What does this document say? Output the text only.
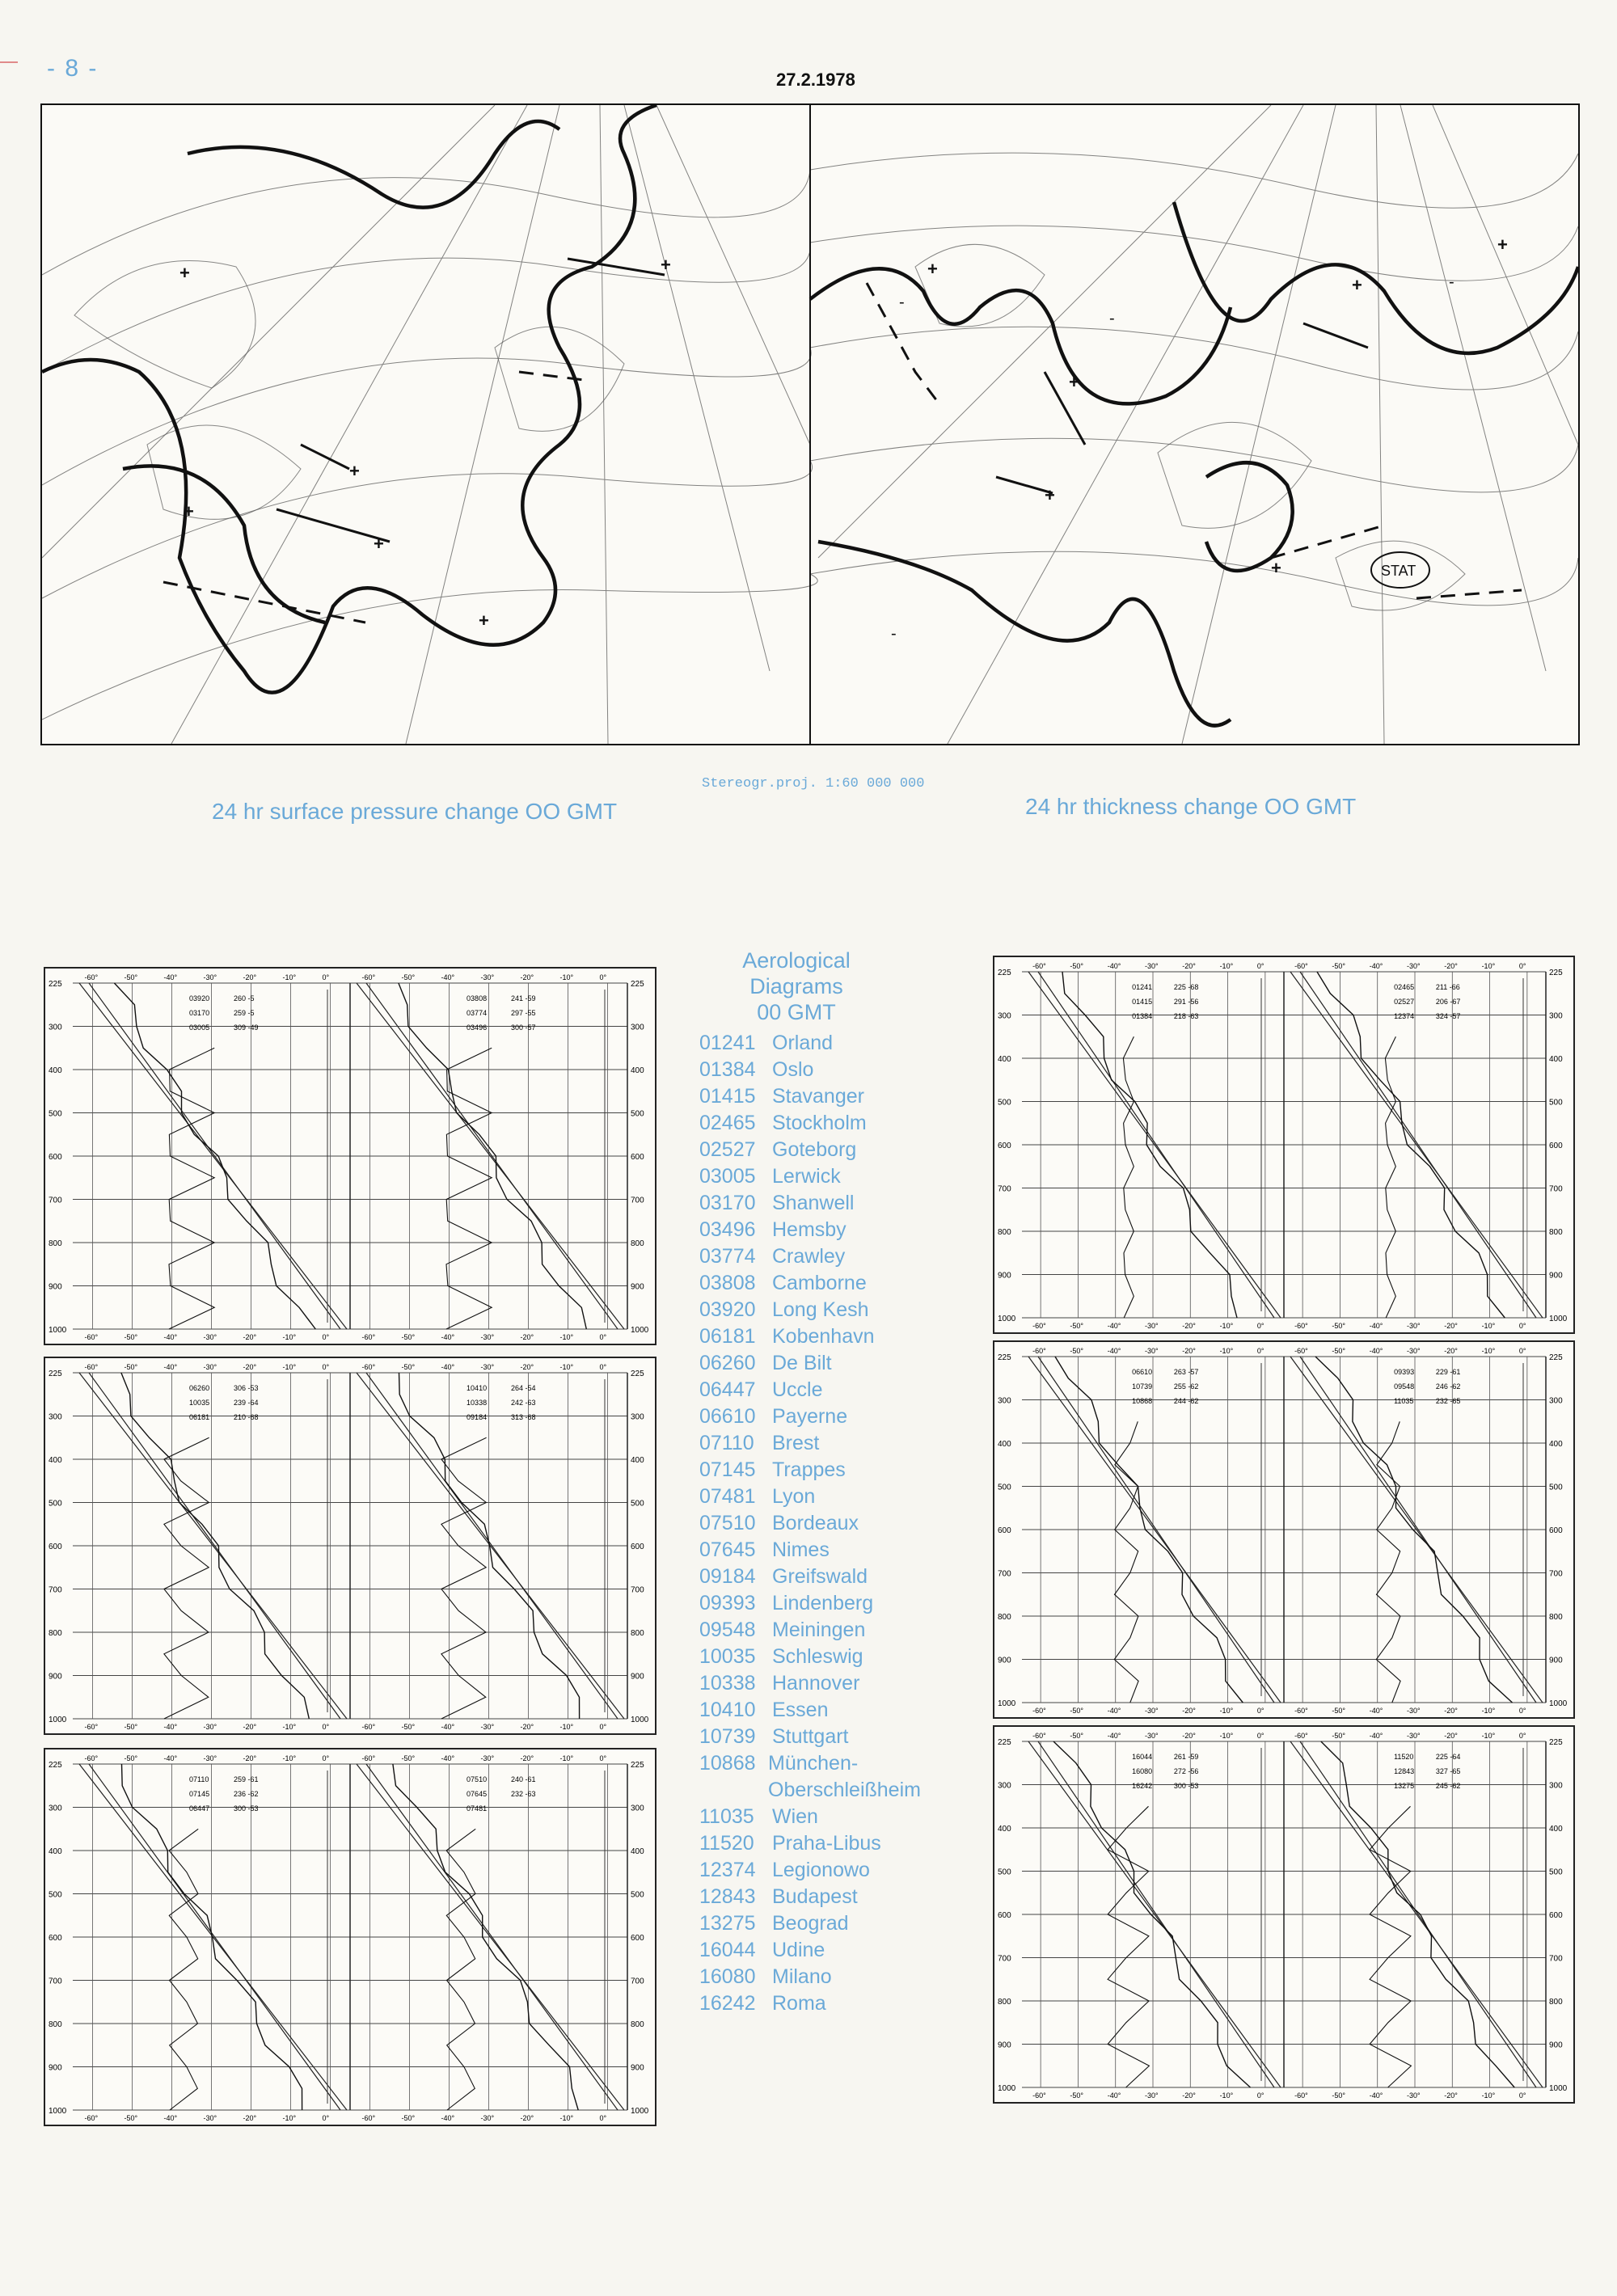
- 8 -	27.2.1978
+
+
+
+
+
+	+
+
+
+
+
+
-
-
-
-
STAT
24 hr surface pressure change OO GMT
Stereogr.proj. 1:60 000 000
24 hr thickness change OO GMT
225	225
300	300
400	400
500	500
600	600
700	700
800	800
900	900
1000	1000
-60°
-60°
-50°
-50°
-40°
-40°
-30°
-30°
-20°
-20°
-10°
-10°
0°
0°
03920	260 -5
03170	259 -5
03005	309 -49
-60°
-60°
-50°
-50°
-40°
-40°
-30°
-30°
-20°
-20°
-10°
-10°
0°
0°
03808	241 -59
03774	297 -55
03496	300 -57
225	225
300	300
400	400
500	500
600	600
700	700
800	800
900	900
1000	1000
-60°
-60°
-50°
-50°
-40°
-40°
-30°
-30°
-20°
-20°
-10°
-10°
0°
0°
06260	306 -53
10035	239 -64
06181	210 -68
-60°
-60°
-50°
-50°
-40°
-40°
-30°
-30°
-20°
-20°
-10°
-10°
0°
0°
10410	264 -54
10338	242 -63
09184	313 -68
225	225
300	300
400	400
500	500
600	600
700	700
800	800
900	900
1000	1000
-60°
-60°
-50°
-50°
-40°
-40°
-30°
-30°
-20°
-20°
-10°
-10°
0°
0°
07110	259 -61
07145	236 -62
06447	300 -53
-60°
-60°
-50°
-50°
-40°
-40°
-30°
-30°
-20°
-20°
-10°
-10°
0°
0°
07510	240 -61
07645	232 -63
07481
225	225
300	300
400	400
500	500
600	600
700	700
800	800
900	900
1000	1000
-60°
-60°
-50°
-50°
-40°
-40°
-30°
-30°
-20°
-20°
-10°
-10°
0°
0°
01241	225 -68
01415	291 -56
01384	218 -63
-60°
-60°
-50°
-50°
-40°
-40°
-30°
-30°
-20°
-20°
-10°
-10°
0°
0°
02465	211 -66
02527	206 -67
12374	324 -57
225	225
300	300
400	400
500	500
600	600
700	700
800	800
900	900
1000	1000
-60°
-60°
-50°
-50°
-40°
-40°
-30°
-30°
-20°
-20°
-10°
-10°
0°
0°
06610	263 -57
10739	255 -62
10868	244 -62
-60°
-60°
-50°
-50°
-40°
-40°
-30°
-30°
-20°
-20°
-10°
-10°
0°
0°
09393	229 -61
09548	246 -62
11035	232 -65
225	225
300	300
400	400
500	500
600	600
700	700
800	800
900	900
1000	1000
-60°
-60°
-50°
-50°
-40°
-40°
-30°
-30°
-20°
-20°
-10°
-10°
0°
0°
16044	261 -59
16080	272 -56
16242	300 -53
-60°
-60°
-50°
-50°
-40°
-40°
-30°
-30°
-20°
-20°
-10°
-10°
0°
0°
11520	225 -64
12843	327 -65
13275	245 -62
Aerological
Diagrams
00 GMT
01241 Orland
01384 Oslo
01415 Stavanger
02465 Stockholm
02527 Goteborg
03005 Lerwick
03170 Shanwell
03496 Hemsby
03774 Crawley
03808 Camborne
03920 Long Kesh
06181 Kobenhavn
06260 De Bilt
06447 Uccle
06610 Payerne
07110 Brest
07145 Trappes
07481 Lyon
07510 Bordeaux
07645 Nimes
09184 Greifswald
09393 Lindenberg
09548 Meiningen
10035 Schleswig
10338 Hannover
10410 Essen
10739 Stuttgart
10868 München-Oberschleißheim
11035 Wien
11520 Praha-Libus
12374 Legionowo
12843 Budapest
13275 Beograd
16044 Udine
16080 Milano
16242 Roma
